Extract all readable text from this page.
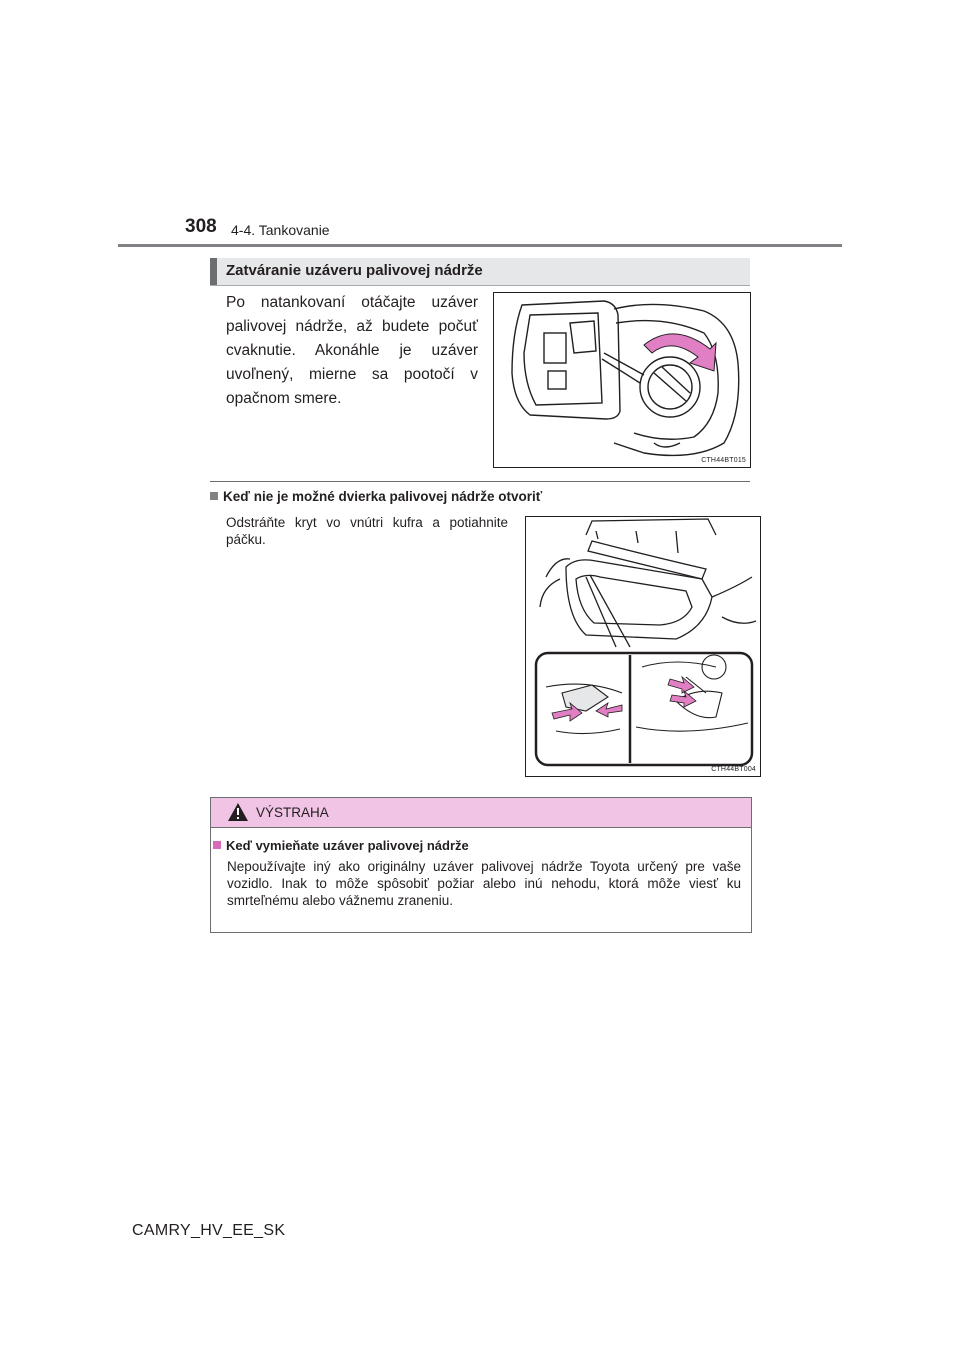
308 4-4. Tankovanie
Zatváranie uzáveru palivovej nádrže
Po natankovaní otáčajte uzáver palivovej nádrže, až budete počuť cvaknutie. Akonáhle je uzáver uvoľnený, mierne sa pootočí v opačnom smere.
CTH44BT015
Keď nie je možné dvierka palivovej nádrže otvoriť
Odstráňte kryt vo vnútri kufra a potiahnite páčku.
CTH44BT004
VÝSTRAHA
Keď vymieňate uzáver palivovej nádrže
Nepoužívajte iný ako originálny uzáver palivovej nádrže Toyota určený pre vaše vozidlo. Inak to môže spôsobiť požiar alebo inú nehodu, ktorá môže viesť ku smrteľnému alebo vážnemu zraneniu.
CAMRY_HV_EE_SK
